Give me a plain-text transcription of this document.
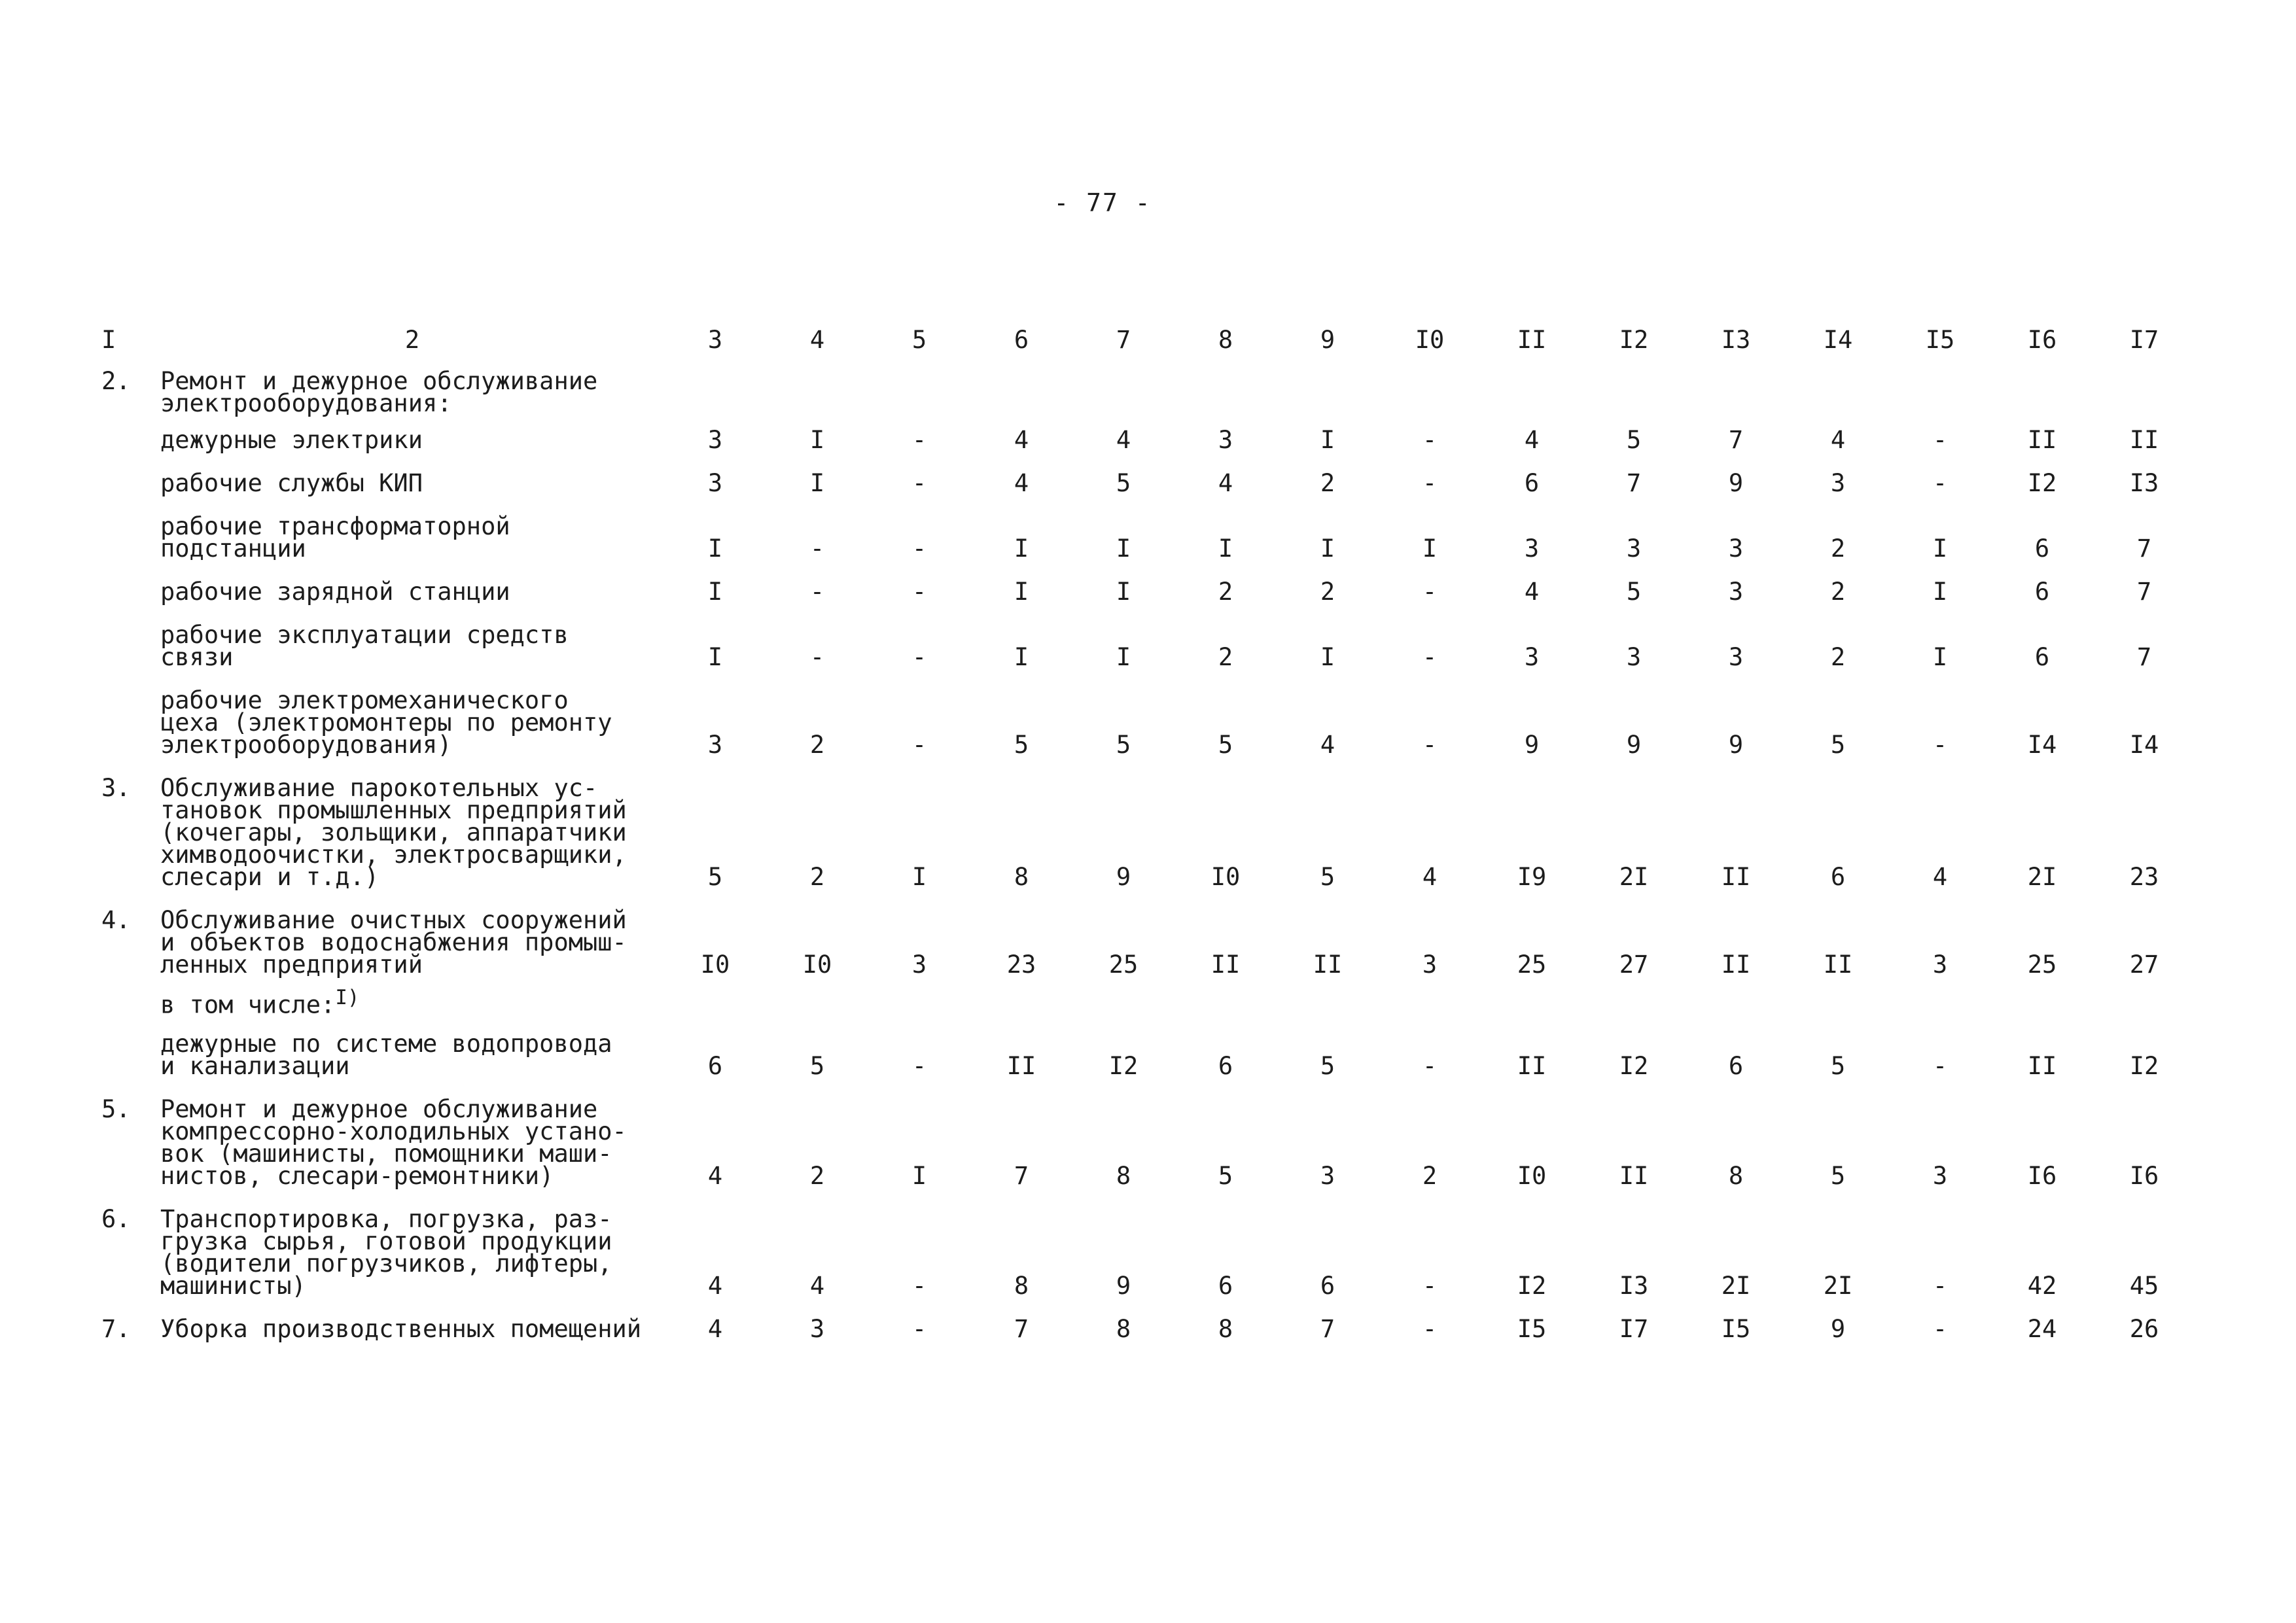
- 77 -
I	2	3	4	5	6	7	8	9	I0	II	I2	I3	I4	I5	I6	I7
2.	Ремонт и дежурное обслуживание
электрооборудования:															
	дежурные электрики	3	I	-	4	4	3	I	-	4	5	7	4	-	II	II
	рабочие службы КИП	3	I	-	4	5	4	2	-	6	7	9	3	-	I2	I3
	рабочие трансформаторной
подстанции	I	-	-	I	I	I	I	I	3	3	3	2	I	6	7
	рабочие зарядной станции	I	-	-	I	I	2	2	-	4	5	3	2	I	6	7
	рабочие эксплуатации средств
связи	I	-	-	I	I	2	I	-	3	3	3	2	I	6	7
	рабочие электромеханического
цеха (электромонтеры по ремонту
электрооборудования)	3	2	-	5	5	5	4	-	9	9	9	5	-	I4	I4
3.	Обслуживание парокотельных ус-
тановок промышленных предприятий
(кочегары, зольщики, аппаратчики
химводоочистки, электросварщики,
слесари и т.д.)	5	2	I	8	9	I0	5	4	I9	2I	II	6	4	2I	23
4.	Обслуживание очистных сооружений
и объектов водоснабжения промыш-
ленных предприятий	I0	I0	3	23	25	II	II	3	25	27	II	II	3	25	27
	в том числе:$^{I)}$															
	дежурные по системе водопровода
и канализации	6	5	-	II	I2	6	5	-	II	I2	6	5	-	II	I2
5.	Ремонт и дежурное обслуживание
компрессорно-холодильных устано-
вок (машинисты, помощники маши-
нистов, слесари-ремонтники)	4	2	I	7	8	5	3	2	I0	II	8	5	3	I6	I6
6.	Транспортировка, погрузка, раз-
грузка сырья, готовой продукции
(водители погрузчиков, лифтеры,
машинисты)	4	4	-	8	9	6	6	-	I2	I3	2I	2I	-	42	45
7.	Уборка производственных помещений	4	3	-	7	8	8	7	-	I5	I7	I5	9	-	24	26
